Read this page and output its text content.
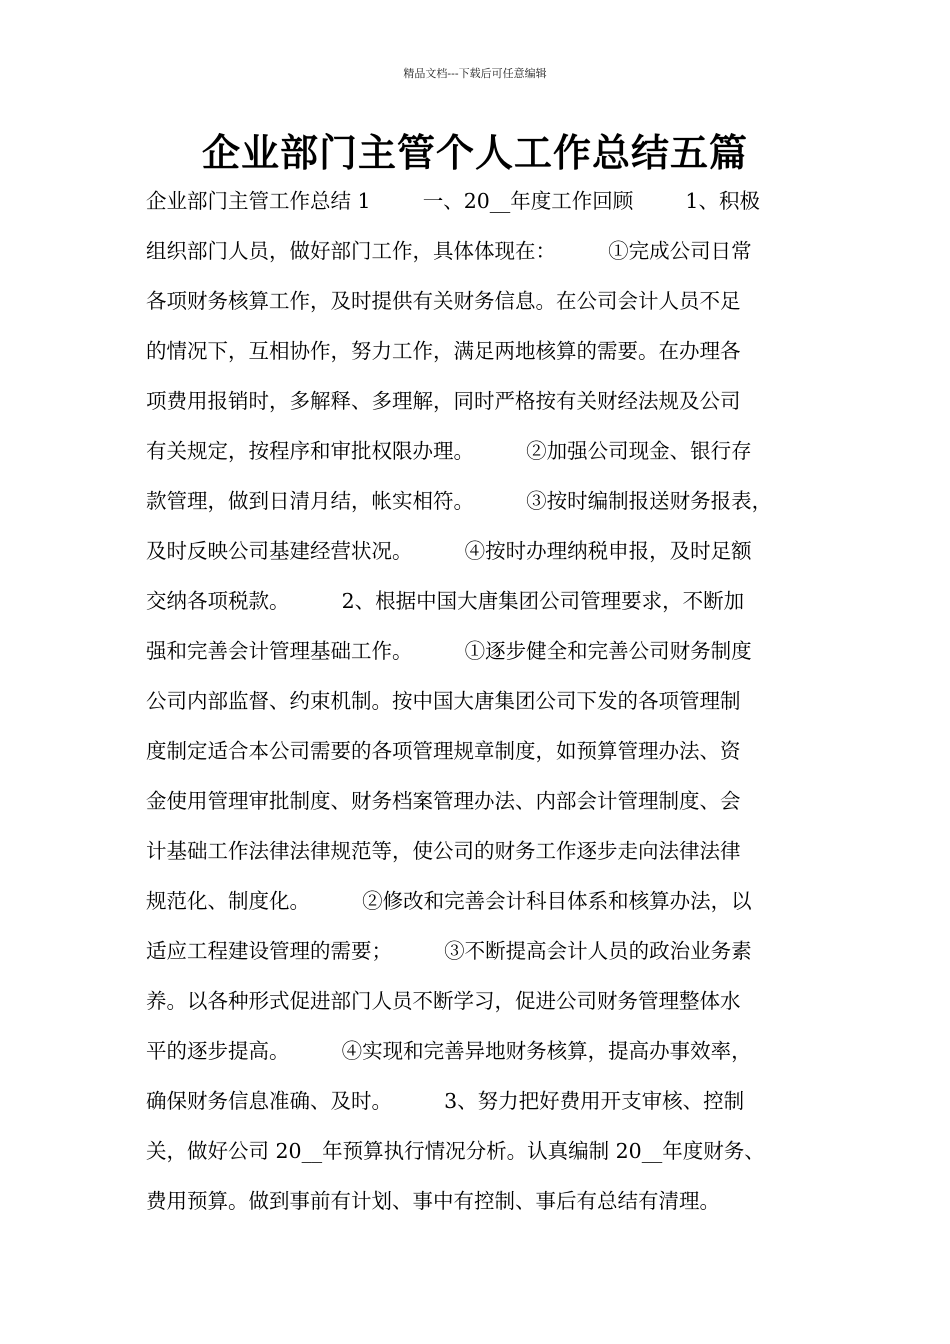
精品文档---下载后可任意编辑
企业部门主管个人工作总结五篇
企业部门主管工作总结 1        一、20__年度工作回顾        1、积极
组织部门人员，做好部门工作，具体体现在：        ①完成公司日常
各项财务核算工作，及时提供有关财务信息。在公司会计人员不足
的情况下，互相协作，努力工作，满足两地核算的需要。在办理各
项费用报销时，多解释、多理解，同时严格按有关财经法规及公司
有关规定，按程序和审批权限办理。        ②加强公司现金、银行存
款管理，做到日清月结，帐实相符。        ③按时编制报送财务报表，
及时反映公司基建经营状况。        ④按时办理纳税申报，及时足额
交纳各项税款。        2、根据中国大唐集团公司管理要求，不断加
强和完善会计管理基础工作。        ①逐步健全和完善公司财务制度
公司内部监督、约束机制。按中国大唐集团公司下发的各项管理制
度制定适合本公司需要的各项管理规章制度，如预算管理办法、资
金使用管理审批制度、财务档案管理办法、内部会计管理制度、会
计基础工作法律法律规范等，使公司的财务工作逐步走向法律法律
规范化、制度化。        ②修改和完善会计科目体系和核算办法，以
适应工程建设管理的需要；        ③不断提高会计人员的政治业务素
养。以各种形式促进部门人员不断学习，促进公司财务管理整体水
平的逐步提高。        ④实现和完善异地财务核算，提高办事效率，
确保财务信息准确、及时。        3、努力把好费用开支审核、控制
关，做好公司 20__年预算执行情况分析。认真编制 20__年度财务、
费用预算。做到事前有计划、事中有控制、事后有总结有清理。
